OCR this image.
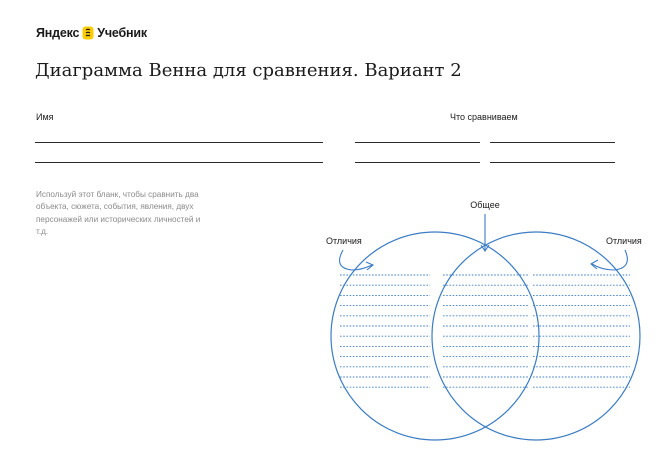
Яндекс Учебник
Диаграмма Венна для сравнения. Вариант 2
Имя	Что сравниваем
Используй этот бланк, чтобы сравнить два объекта, сюжета, события, явления, двух персонажей или исторических личностей и т.д.
Общее
Отличия	Отличия
